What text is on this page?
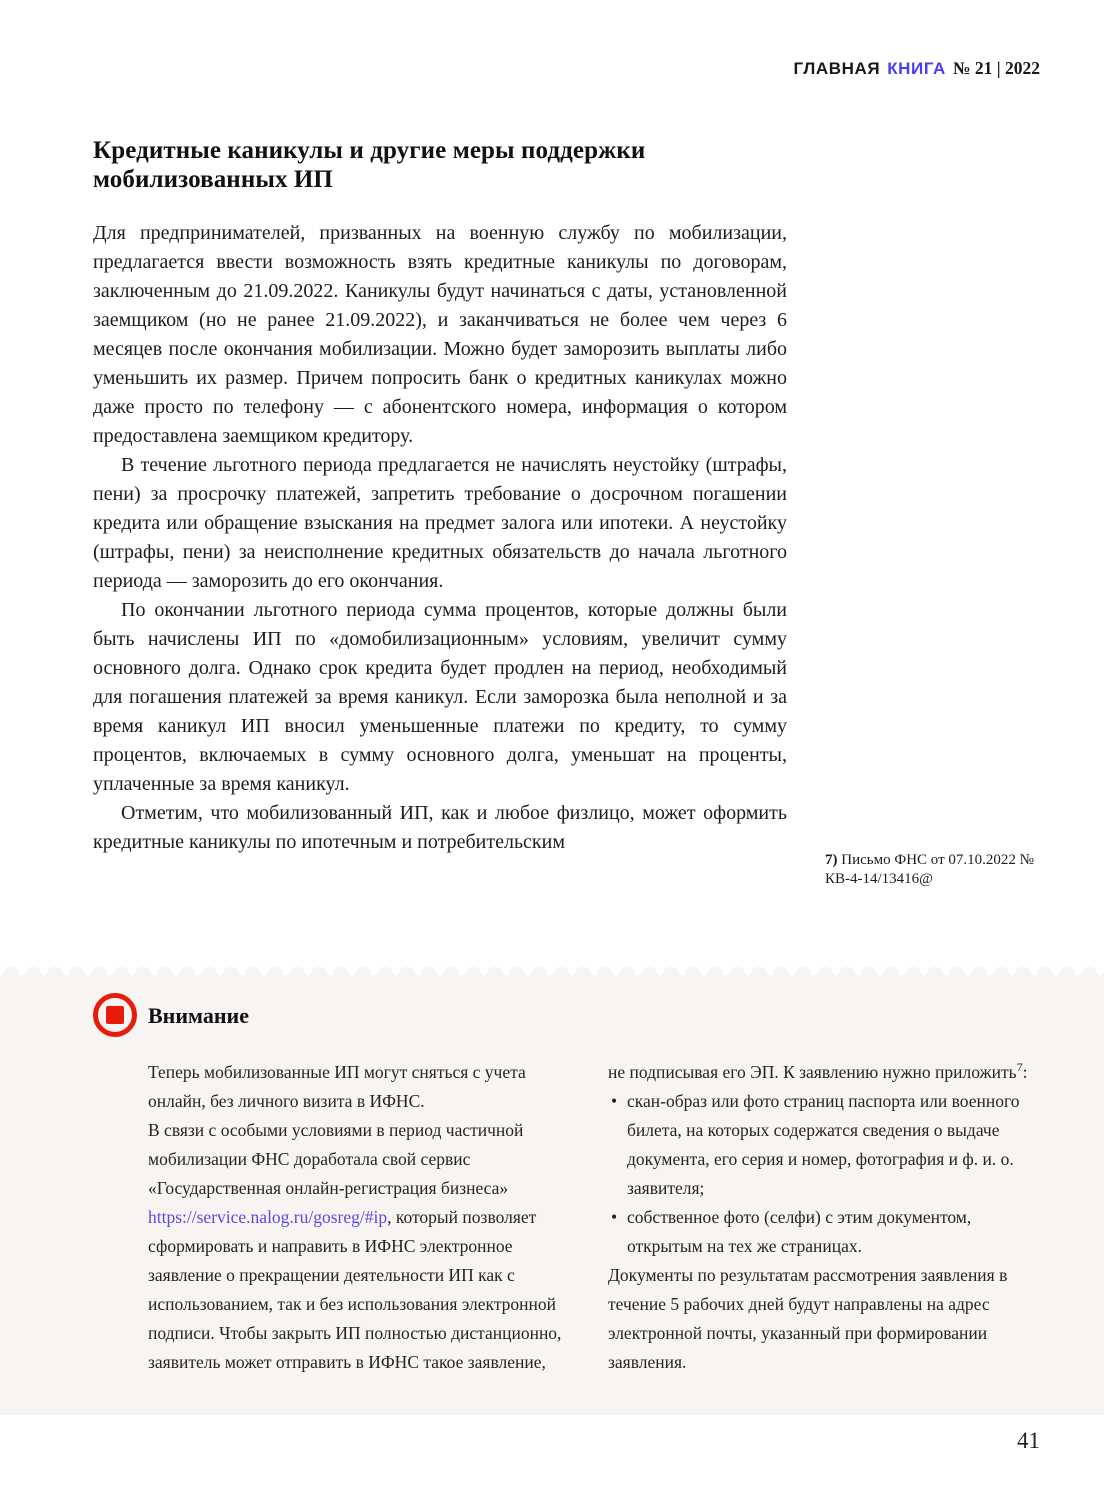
ГЛАВНАЯ КНИГА № 21 | 2022
Кредитные каникулы и другие меры поддержки мобилизованных ИП

Для предпринимателей, призванных на военную службу по мобилизации, предлагается ввести возможность взять кредитные каникулы по договорам, заключенным до 21.09.2022. Каникулы будут начинаться с даты, установленной заемщиком (но не ранее 21.09.2022), и заканчиваться не более чем через 6 месяцев после окончания мобилизации. Можно будет заморозить выплаты либо уменьшить их размер. Причем попросить банк о кредитных каникулах можно даже просто по телефону — с абонентского номера, информация о котором предоставлена заемщиком кредитору.

В течение льготного периода предлагается не начислять неустойку (штрафы, пени) за просрочку платежей, запретить требование о досрочном погашении кредита или обращение взыскания на предмет залога или ипотеки. А неустойку (штрафы, пени) за неисполнение кредитных обязательств до начала льготного периода — заморозить до его окончания.

По окончании льготного периода сумма процентов, которые должны были быть начислены ИП по «домобилизационным» условиям, увеличит сумму основного долга. Однако срок кредита будет продлен на период, необходимый для погашения платежей за время каникул. Если заморозка была неполной и за время каникул ИП вносил уменьшенные платежи по кредиту, то сумму процентов, включаемых в сумму основного долга, уменьшат на проценты, уплаченные за время каникул.

Отметим, что мобилизованный ИП, как и любое физлицо, может оформить кредитные каникулы по ипотечным и потребительским

7) Письмо ФНС от 07.10.2022 № КВ-4-14/13416@
Внимание

Теперь мобилизованные ИП могут сняться с учета онлайн, без личного визита в ИФНС.

В связи с особыми условиями в период частичной мобилизации ФНС доработала свой сервис «Государственная онлайн-регистрация бизнеса» https://service.nalog.ru/gosreg/#ip, который позволяет сформировать и направить в ИФНС электронное заявление о прекращении деятельности ИП как с использованием, так и без использования электронной подписи. Чтобы закрыть ИП полностью дистанционно, заявитель может отправить в ИФНС такое заявление,

не подписывая его ЭП. К заявлению нужно приложить$^7$:

• скан-образ или фото страниц паспорта или военного билета, на которых содержатся сведения о выдаче документа, его серия и номер, фотография и ф. и. о. заявителя;
• собственное фото (селфи) с этим документом, открытым на тех же страницах.

Документы по результатам рассмотрения заявления в течение 5 рабочих дней будут направлены на адрес электронной почты, указанный при формировании заявления.

41
